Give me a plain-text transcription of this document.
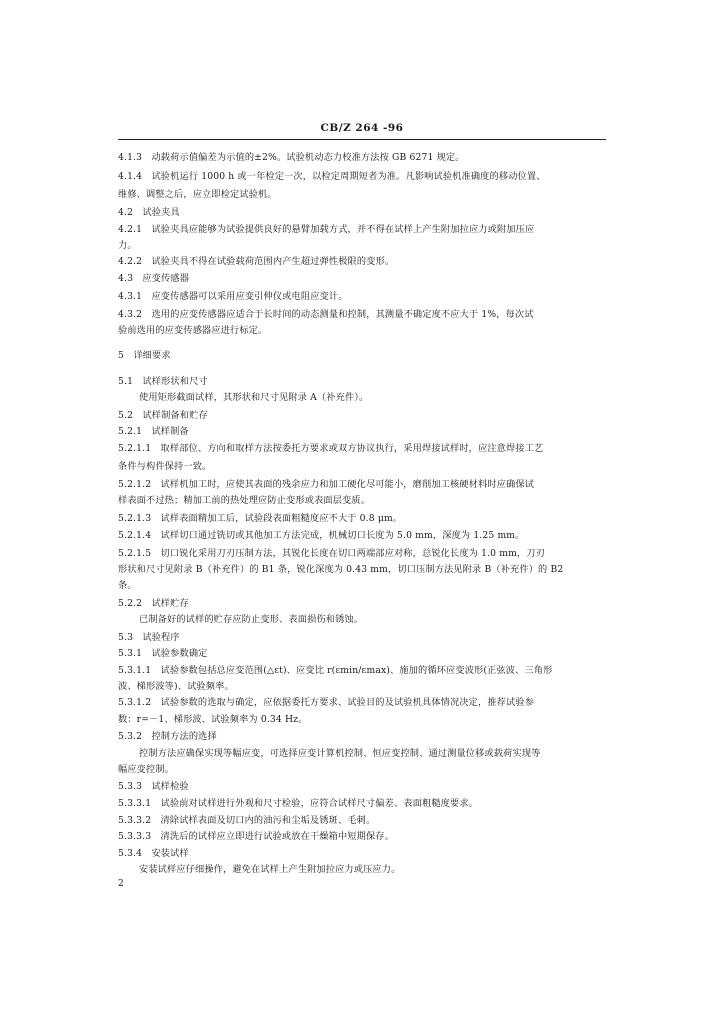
CB/Z 264 -96
4.1.3　动载荷示值偏差为示值的±2%。试验机动态力校准方法按 GB 6271 规定。
4.1.4　试验机运行 1000 h 或一年检定一次，以检定周期短者为准。凡影响试验机准确度的移动位置、
维修、调整之后，应立即检定试验机。
4.2　试验夹具
4.2.1　试验夹具应能够为试验提供良好的悬臂加载方式，并不得在试样上产生附加拉应力或附加压应
力。
4.2.2　试验夹具不得在试验载荷范围内产生超过弹性极限的变形。
4.3　应变传感器
4.3.1　应变传感器可以采用应变引伸仪或电阻应变计。
4.3.2　选用的应变传感器应适合于长时间的动态测量和控制，其测量不确定度不应大于 1%，每次试
验前选用的应变传感器应进行标定。
5　详细要求
5.1　试样形状和尺寸
使用矩形截面试样，其形状和尺寸见附录 A（补充件）。
5.2　试样制备和贮存
5.2.1　试样制备
5.2.1.1　取样部位、方向和取样方法按委托方要求或双方协议执行，采用焊接试样时，应注意焊接工艺
条件与构件保持一致。
5.2.1.2　试样机加工时，应使其表面的残余应力和加工硬化尽可能小，磨削加工核硬材料时应确保试
样表面不过热；精加工前的热处理应防止变形或表面层变质。
5.2.1.3　试样表面精加工后，试验段表面粗糙度应不大于 0.8 μm。
5.2.1.4　试样切口通过铣切或其他加工方法完成，机械切口长度为 5.0 mm，深度为 1.25 mm。
5.2.1.5　切口锐化采用刀刃压制方法，其锐化长度在切口两端部应对称，总锐化长度为 1.0 mm，刀刃
形状和尺寸见附录 B（补充件）的 B1 条，锐化深度为 0.43 mm，切口压制方法见附录 B（补充件）的 B2
条。
5.2.2　试样贮存
已制备好的试样的贮存应防止变形、表面损伤和锈蚀。
5.3　试验程序
5.3.1　试验参数确定
5.3.1.1　试验参数包括总应变范围(△εt)、应变比 r(εmin/εmax)、施加的循环应变波形(正弦波、三角形
波、梯形波等)、试验频率。
5.3.1.2　试验参数的选取与确定，应依据委托方要求、试验目的及试验机具体情况决定，推荐试验参
数：r=－1、梯形波、试验频率为 0.34 Hz。
5.3.2　控制方法的选择
控制方法应确保实现等幅应变，可选择应变计算机控制、恒应变控制、通过测量位移或载荷实现等
幅应变控制。
5.3.3　试样检验
5.3.3.1　试验前对试样进行外观和尺寸检验，应符合试样尺寸偏差、表面粗糙度要求。
5.3.3.2　清除试样表面及切口内的油污和尘垢及锈斑、毛刺。
5.3.3.3　清洗后的试样应立即进行试验或放在干燥箱中短期保存。
5.3.4　安装试样
安装试样应仔细操作，避免在试样上产生附加拉应力或压应力。
2
